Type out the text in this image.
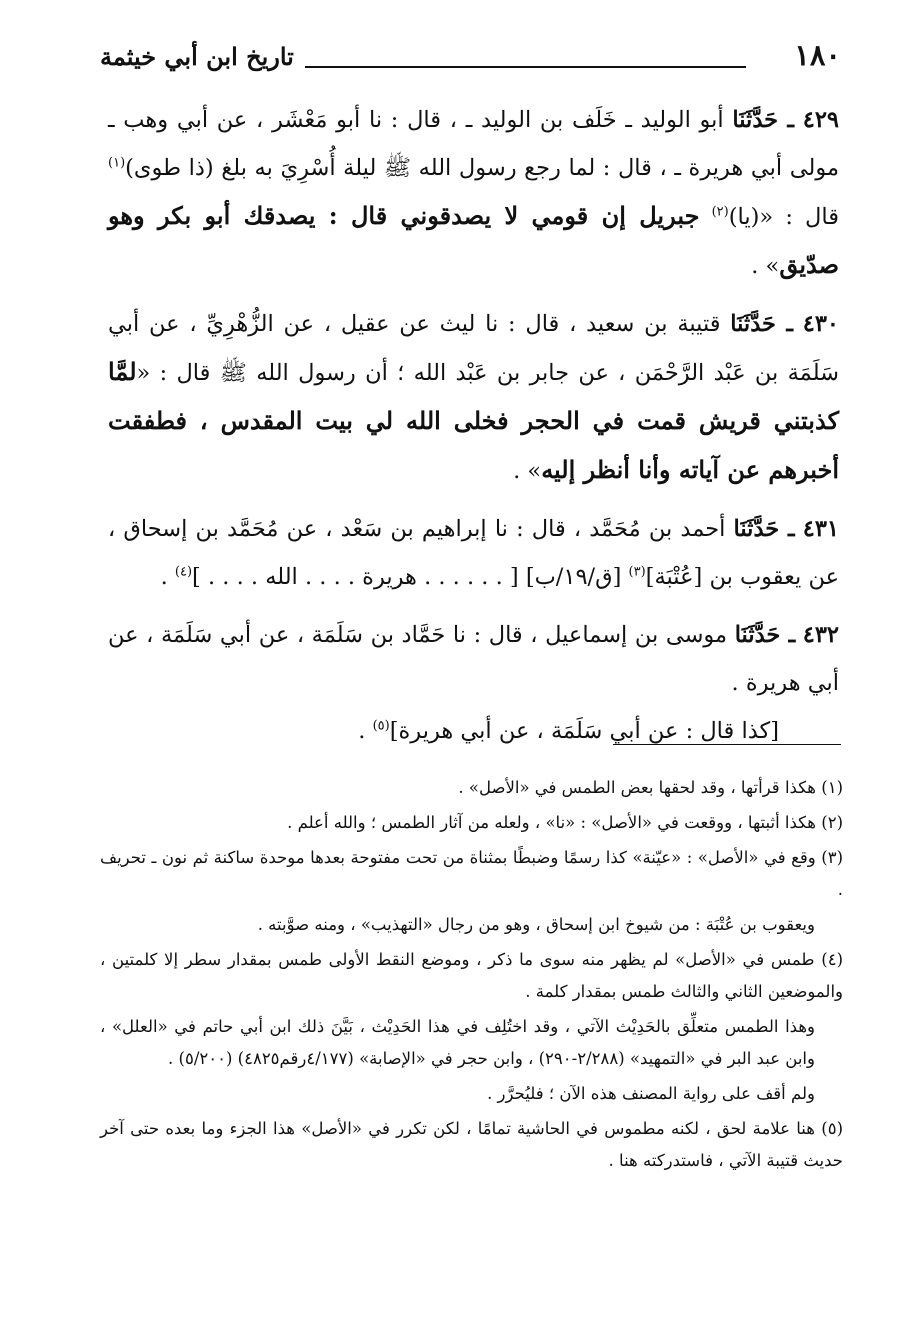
تاريخ ابن أبي خيثمة	١٨٠

٤٢٩ ـ حَدَّثَنَا أبو الوليد ـ خَلَف بن الوليد ـ ، قال : نا أبو مَعْشَر ، عن أبي وهب ـ مولى أبي هريرة ـ ، قال : لما رجع رسول الله ﷺ ليلة أُسْرِيَ به بلغ (ذا طوى)$^{(١)}$ قال : «(يا)$^{(٢)}$ جبريل إن قومي لا يصدقوني قال : يصدقك أبو بكر وهو صدّيق» .

٤٣٠ ـ حَدَّثَنَا قتيبة بن سعيد ، قال : نا ليث عن عقيل ، عن الزُّهْرِيِّ ، عن أبي سَلَمَة بن عَبْد الرَّحْمَن ، عن جابر بن عَبْد الله ؛ أن رسول الله ﷺ قال : «لمَّا كذبتني قريش قمت في الحجر فخلى الله لي بيت المقدس ، فطفقت أخبرهم عن آياته وأنا أنظر إليه» .

٤٣١ ـ حَدَّثَنَا أحمد بن مُحَمَّد ، قال : نا إبراهيم بن سَعْد ، عن مُحَمَّد بن إسحاق ، عن يعقوب بن [عُتْبَة]$^{(٣)}$ [ق/١٩/ب] [ . . . . . . هريرة . . . . الله . . . . ]$^{(٤)}$ .

٤٣٢ ـ حَدَّثَنَا موسى بن إسماعيل ، قال : نا حَمَّاد بن سَلَمَة ، عن أبي سَلَمَة ، عن أبي هريرة .

[كذا قال : عن أبي سَلَمَة ، عن أبي هريرة]$^{(٥)}$ .

(١) هكذا قرأتها ، وقد لحقها بعض الطمس في «الأصل» .

(٢) هكذا أثبتها ، ووقعت في «الأصل» : «نا» ، ولعله من آثار الطمس ؛ والله أعلم .

(٣) وقع في «الأصل» : «عيّنة» كذا رسمًا وضبطًا بمثناة من تحت مفتوحة بعدها موحدة ساكنة ثم نون ـ تحريف .

ويعقوب بن عُتْبَة : من شيوخ ابن إسحاق ، وهو من رجال «التهذيب» ، ومنه صوَّبته .

(٤) طمس في «الأصل» لم يظهر منه سوى ما ذكر ، وموضع النقط الأولى طمس بمقدار سطر إلا كلمتين ، والموضعين الثاني والثالث طمس بمقدار كلمة .

وهذا الطمس متعلِّق بالحَدِيْث الآتي ، وقد اختُلِف في هذا الحَدِيْث ، بَيَّنَ ذلك ابن أبي حاتم في «العلل» ، وابن عبد البر في «التمهيد» (٢/٢٨٨-٢٩٠) ، وابن حجر في «الإصابة» (٤/١٧٧رقم٤٨٢٥) (٥/٢٠٠) .

ولم أقف على رواية المصنف هذه الآن ؛ فليُحرَّر .

(٥) هنا علامة لحق ، لكنه مطموس في الحاشية تمامًا ، لكن تكرر في «الأصل» هذا الجزء وما بعده حتى آخر حديث قتيبة الآتي ، فاستدركته هنا .
